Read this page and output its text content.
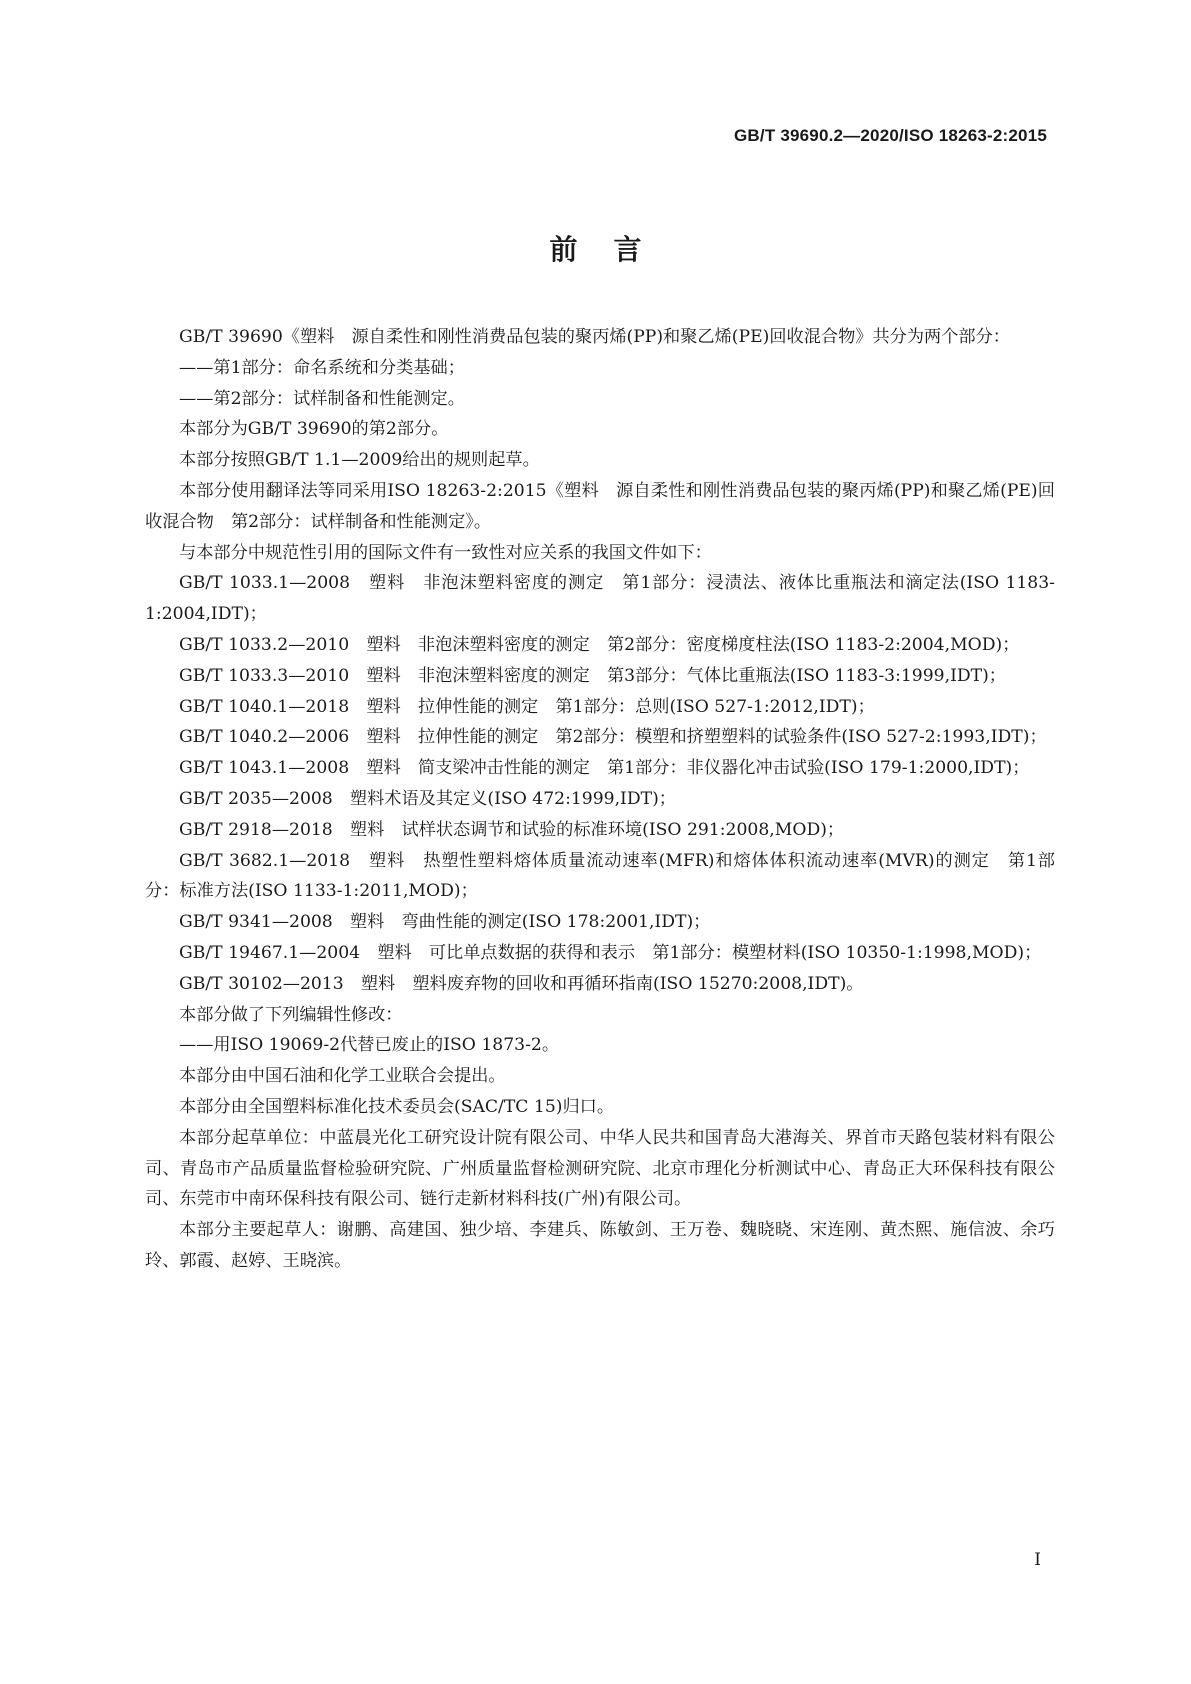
GB/T 39690.2—2020/ISO 18263-2:2015
前言

GB/T 39690《塑料　源自柔性和刚性消费品包装的聚丙烯(PP)和聚乙烯(PE)回收混合物》共分为两个部分：

——第1部分：命名系统和分类基础；

——第2部分：试样制备和性能测定。

本部分为GB/T 39690的第2部分。

本部分按照GB/T 1.1—2009给出的规则起草。

本部分使用翻译法等同采用ISO 18263-2:2015《塑料　源自柔性和刚性消费品包装的聚丙烯(PP)和聚乙烯(PE)回收混合物　第2部分：试样制备和性能测定》。

与本部分中规范性引用的国际文件有一致性对应关系的我国文件如下：

GB/T 1033.1—2008　塑料　非泡沫塑料密度的测定　第1部分：浸渍法、液体比重瓶法和滴定法(ISO 1183-1:2004,IDT)；

GB/T 1033.2—2010　塑料　非泡沫塑料密度的测定　第2部分：密度梯度柱法(ISO 1183-2:2004,MOD)；

GB/T 1033.3—2010　塑料　非泡沫塑料密度的测定　第3部分：气体比重瓶法(ISO 1183-3:1999,IDT)；

GB/T 1040.1—2018　塑料　拉伸性能的测定　第1部分：总则(ISO 527-1:2012,IDT)；

GB/T 1040.2—2006　塑料　拉伸性能的测定　第2部分：模塑和挤塑塑料的试验条件(ISO 527-2:1993,IDT)；

GB/T 1043.1—2008　塑料　简支梁冲击性能的测定　第1部分：非仪器化冲击试验(ISO 179-1:2000,IDT)；

GB/T 2035—2008　塑料术语及其定义(ISO 472:1999,IDT)；

GB/T 2918—2018　塑料　试样状态调节和试验的标准环境(ISO 291:2008,MOD)；

GB/T 3682.1—2018　塑料　热塑性塑料熔体质量流动速率(MFR)和熔体体积流动速率(MVR)的测定　第1部分：标准方法(ISO 1133-1:2011,MOD)；

GB/T 9341—2008　塑料　弯曲性能的测定(ISO 178:2001,IDT)；

GB/T 19467.1—2004　塑料　可比单点数据的获得和表示　第1部分：模塑材料(ISO 10350-1:1998,MOD)；

GB/T 30102—2013　塑料　塑料废弃物的回收和再循环指南(ISO 15270:2008,IDT)。

本部分做了下列编辑性修改：

——用ISO 19069-2代替已废止的ISO 1873-2。

本部分由中国石油和化学工业联合会提出。

本部分由全国塑料标准化技术委员会(SAC/TC 15)归口。

本部分起草单位：中蓝晨光化工研究设计院有限公司、中华人民共和国青岛大港海关、界首市天路包装材料有限公司、青岛市产品质量监督检验研究院、广州质量监督检测研究院、北京市理化分析测试中心、青岛正大环保科技有限公司、东莞市中南环保科技有限公司、链行走新材料科技(广州)有限公司。

本部分主要起草人：谢鹏、高建国、独少培、李建兵、陈敏剑、王万卷、魏晓晓、宋连刚、黄杰熙、施信波、余巧玲、郭霞、赵婷、王晓滨。

I
